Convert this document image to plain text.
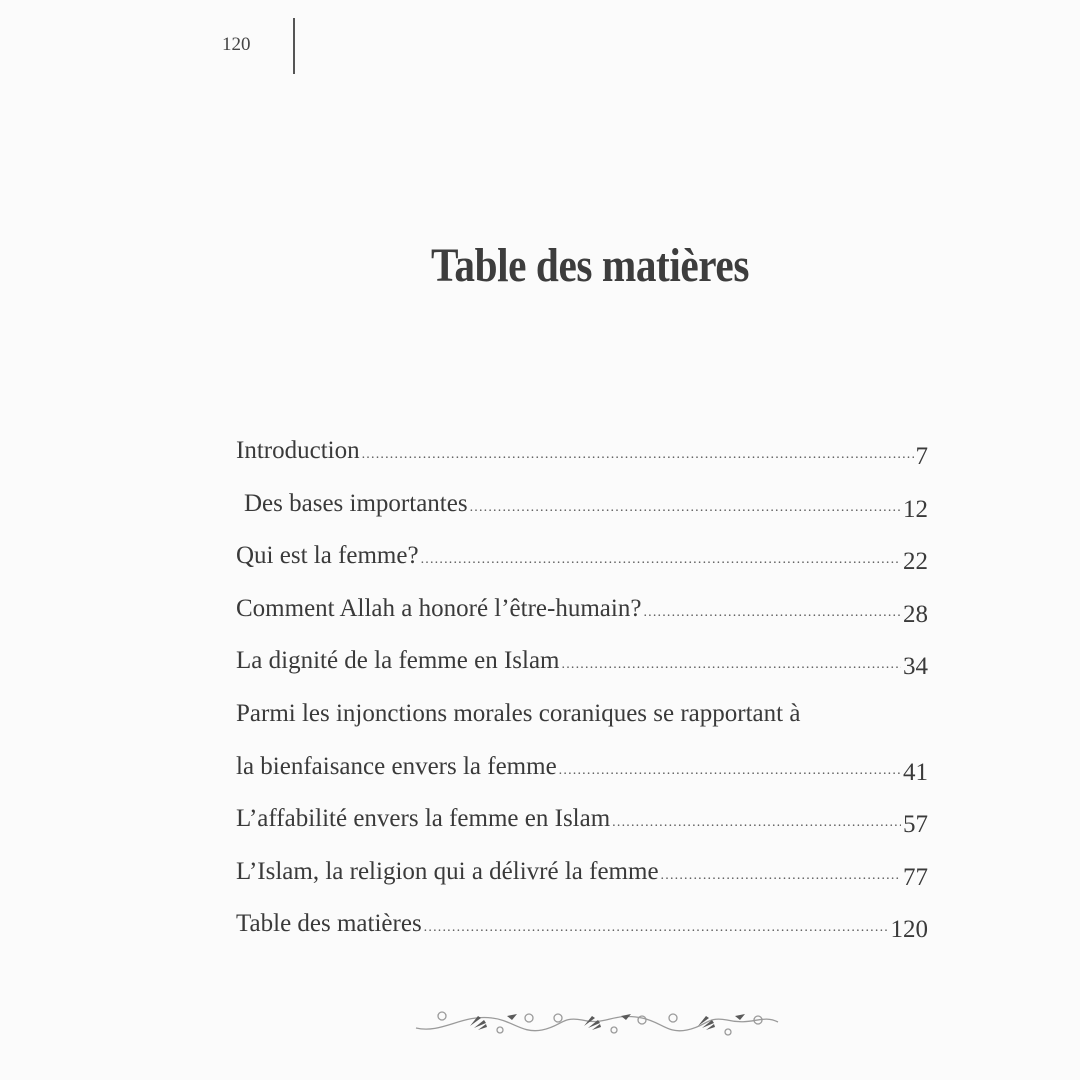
120
Table des matières
Introduction .....	7
Des bases importantes .....	12
Qui est la femme? .....	22
Comment Allah a honoré l’être-humain? .....	28
La dignité de la femme en Islam .....	34
Parmi les injonctions morales coraniques se rapportant à
la bienfaisance envers la femme .....	41
L’affabilité envers la femme en Islam .....	57
L’Islam, la religion qui a délivré la femme .....	77
Table des matières .....	120
